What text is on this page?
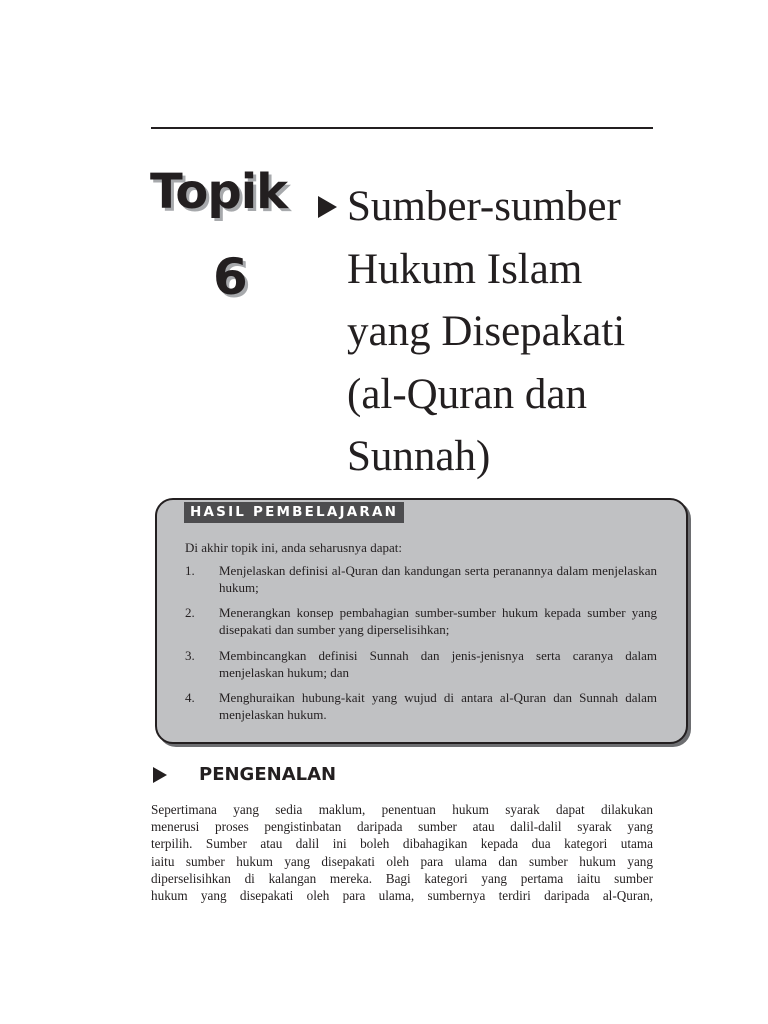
Topik
6
Sumber-sumber
Hukum Islam
yang Disepakati
(al-Quran dan
Sunnah)
HASIL PEMBELAJARAN
Di akhir topik ini, anda seharusnya dapat:
1. Menjelaskan definisi al-Quran dan kandungan serta peranannya dalam menjelaskan hukum;
2. Menerangkan konsep pembahagian sumber-sumber hukum kepada sumber yang disepakati dan sumber yang diperselisihkan;
3. Membincangkan definisi Sunnah dan jenis-jenisnya serta caranya dalam menjelaskan hukum; dan
4. Menghuraikan hubung-kait yang wujud di antara al-Quran dan Sunnah dalam menjelaskan hukum.
PENGENALAN
Sepertimana yang sedia maklum, penentuan hukum syarak dapat dilakukan
menerusi proses pengistinbatan daripada sumber atau dalil-dalil syarak yang
terpilih. Sumber atau dalil ini boleh dibahagikan kepada dua kategori utama
iaitu sumber hukum yang disepakati oleh para ulama dan sumber hukum yang
diperselisihkan di kalangan mereka. Bagi kategori yang pertama iaitu sumber
hukum yang disepakati oleh para ulama, sumbernya terdiri daripada al-Quran,
